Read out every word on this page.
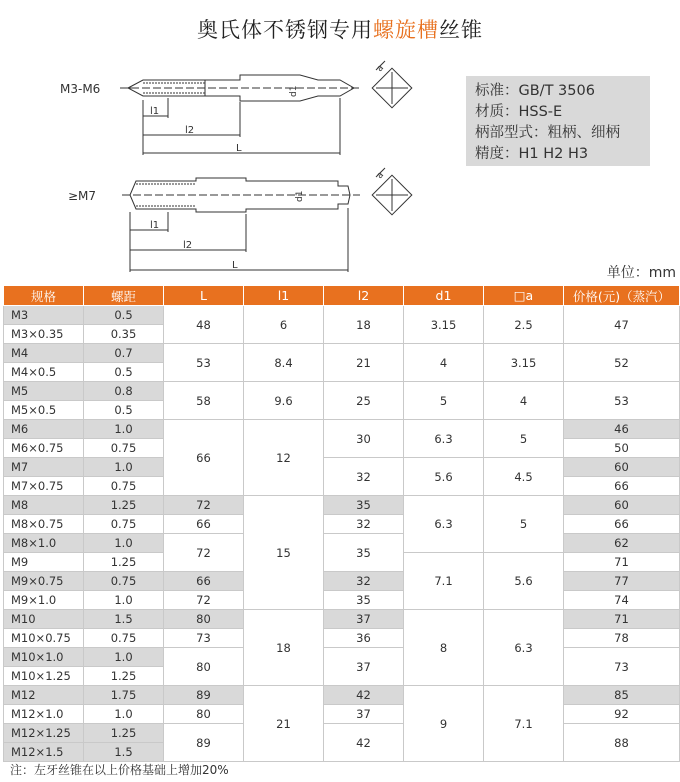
奥氏体不锈钢专用螺旋槽丝锥
M3-M6
≥M7
l1
l2
L
l1
l2
L
d1
d1
a
a
标准：GB/T 3506
材质：HSS-E
柄部型式：粗柄、细柄
精度：H1 H2 H3
单位：mm
规格	螺距	L	l1	l2	d1	□a	价格(元)（蒸汽）
M3	0.5	48	6	18	3.15	2.5	47
M3×0.35	0.35						
M4	0.7	53	8.4	21	4	3.15	52
M4×0.5	0.5						
M5	0.8	58	9.6	25	5	4	53
M5×0.5	0.5						
M6	1.0	66	12	30	6.3	5	46
M6×0.75	0.75						50
M7	1.0			32	5.6	4.5	60
M7×0.75	0.75						66
M8	1.25	72	15	35	6.3	5	60
M8×0.75	0.75	66		32			66
M8×1.0	1.0	72		35			62
M9	1.25				7.1	5.6	71
M9×0.75	0.75	66		32			77
M9×1.0	1.0	72		35			74
M10	1.5	80	18	37	8	6.3	71
M10×0.75	0.75	73		36			78
M10×1.0	1.0	80		37			73
M10×1.25	1.25						
M12	1.75	89	21	42	9	7.1	85
M12×1.0	1.0	80		37			92
M12×1.25	1.25	89		42			88
M12×1.5	1.5						
注：左牙丝锥在以上价格基础上增加20%
